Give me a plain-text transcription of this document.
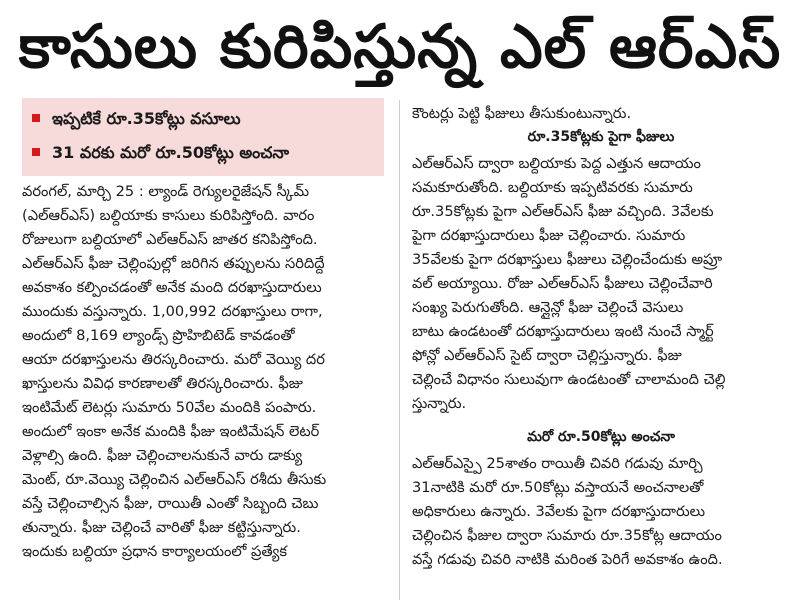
కాసులు కురిపిస్తున్న ఎల్ ఆర్ఎస్
ఇప్పటికే రూ.35కోట్లు వసూలు
31 వరకు మరో రూ.50కోట్లు అంచనా
వరంగల్, మార్చి 25 : ల్యాండ్ రెగ్యులరైజేషన్ స్కీమ్
(ఎల్ఆర్ఎస్) బల్దియాకు కాసులు కురిపిస్తోంది. వారం
రోజులుగా బల్దియాలో ఎల్ఆర్ఎస్ జాతర కనిపిస్తోంది.
ఎల్ఆర్ఎస్ ఫీజు చెల్లింపుల్లో జరిగిన తప్పులను సరిదిద్దే
అవకాశం కల్పించడంతో అనేక మంది దరఖాస్తుదారులు
ముందుకు వస్తున్నారు. 1,00,992 దరఖాస్తులు రాగా,
అందులో 8,169 ల్యాండ్స్ ప్రొహిబిటెడ్ కావడంతో
ఆయా దరఖాస్తులను తిరస్కరించారు. మరో వెయ్యి దర
ఖాస్తులను వివిధ కారణాలతో తిరస్కరించారు. ఫీజు
ఇంటిమేట్ లెటర్లు సుమారు 50వేల మందికి పంపారు.
అందులో ఇంకా అనేక మందికి ఫీజు ఇంటిమేషన్ లెటర్
వెళ్లాల్సి ఉంది. ఫీజు చెల్లించాలనుకునే వారు డాక్యు
మెంట్, రూ.వెయ్యి చెల్లించిన ఎల్ఆర్ఎస్ రశీదు తీసుకు
వస్తే చెల్లించాల్సిన ఫీజు, రాయితీ ఎంతో సిబ్బంది చెబు
తున్నారు. ఫీజు చెల్లించే వారితో ఫీజు కట్టిస్తున్నారు.
ఇందుకు బల్దియా ప్రధాన కార్యాలయంలో ప్రత్యేక
కౌంటర్లు పెట్టి ఫీజులు తీసుకుంటున్నారు.
రూ.35కోట్లకు పైగా ఫీజులు
ఎల్ఆర్ఎస్ ద్వారా బల్దియాకు పెద్ద ఎత్తున ఆదాయం
సమకూరుతోంది. బల్దియాకు ఇప్పటివరకు సుమారు
రూ.35కోట్లకు పైగా ఎల్ఆర్ఎస్ ఫీజు వచ్చింది. 3వేలకు
పైగా దరఖాస్తుదారులు ఫీజు చెల్లించారు. సుమారు
35వేలకు పైగా దరఖాస్తులు ఫీజులు చెల్లించేందుకు అప్రూ
వల్ అయ్యాయి. రోజు ఎల్ఆర్ఎస్ ఫీజులు చెల్లించేవారి
సంఖ్య పెరుగుతోంది. ఆన్లైన్లో ఫీజు చెల్లించే వెసులు
బాటు ఉండటంతో దరఖాస్తుదారులు ఇంటి నుంచే స్మార్ట్
ఫోన్లో ఎల్ఆర్ఎస్ సైట్ ద్వారా చెల్లిస్తున్నారు. ఫీజు
చెల్లించే విధానం సులువుగా ఉండటంతో చాలామంది చెల్లి
స్తున్నారు.
మరో రూ.50కోట్లు అంచనా
ఎల్ఆర్ఎస్పై 25శాతం రాయితీ చివరి గడువు మార్చి
31నాటికి మరో రూ.50కోట్లు వస్తాయనే అంచనాలతో
అధికారులు ఉన్నారు. 3వేలకు పైగా దరఖాస్తుదారులు
చెల్లించిన ఫీజుల ద్వారా సుమారు రూ.35కోట్ల ఆదాయం
వస్తే గడువు చివరి నాటికి మరింత పెరిగే అవకాశం ఉంది.
